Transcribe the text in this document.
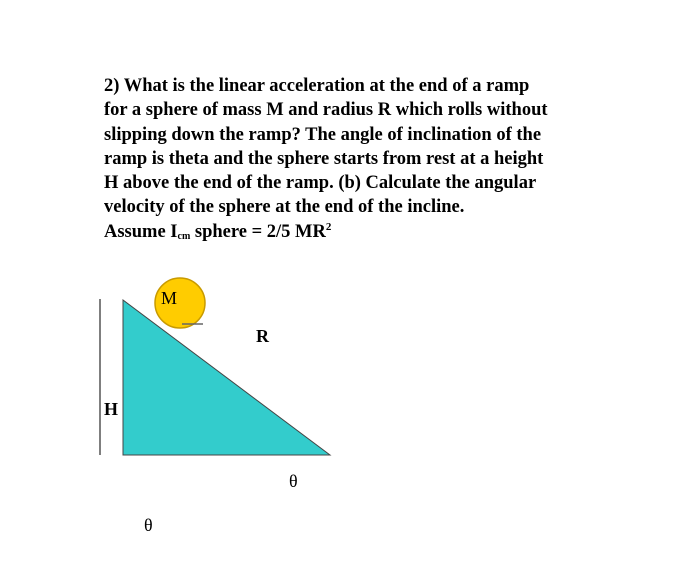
2) What is the linear acceleration at the end of a ramp
for a sphere of mass M and radius R which rolls without
slipping down the ramp? The angle of inclination of the
ramp is theta and the sphere starts from rest at a height
H above the end of the ramp. (b) Calculate the angular
velocity of the sphere at the end of the incline.
Assume $I_{cm}$ sphere = 2/5 $MR^2$
M
R
H
θ
θ
